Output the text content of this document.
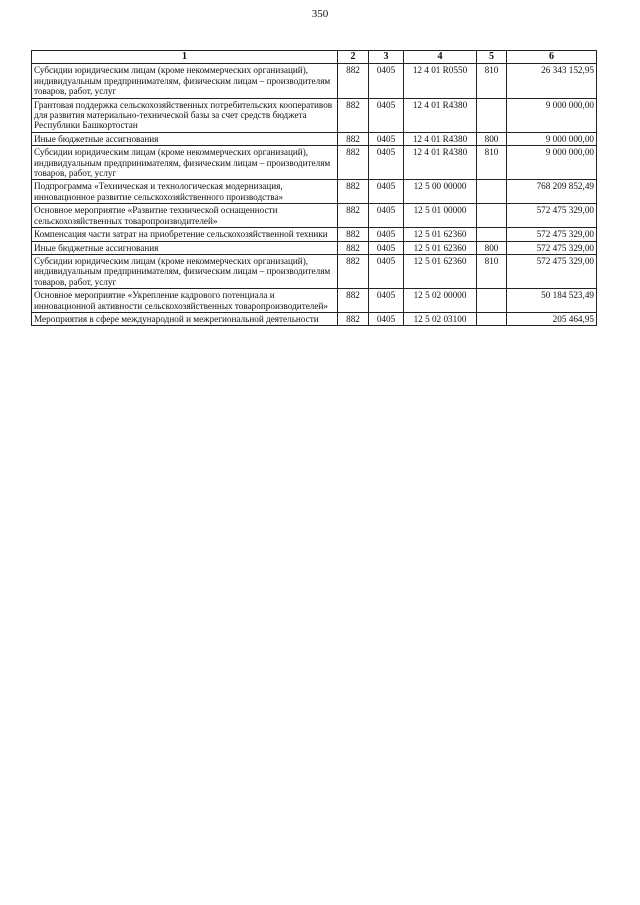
350
1	2	3	4	5	6
Субсидии юридическим лицам (кроме некоммерческих организаций), индивидуальным предпринимателям, физическим лицам – производителям товаров, работ, услуг	882	0405	12 4 01 R0550	810	26 343 152,95
Грантовая поддержка сельскохозяйственных потребительских кооперативов для развития материально-технической базы за счет средств бюджета Республики Башкортостан	882	0405	12 4 01 R4380		9 000 000,00
Иные бюджетные ассигнования	882	0405	12 4 01 R4380	800	9 000 000,00
Субсидии юридическим лицам (кроме некоммерческих организаций), индивидуальным предпринимателям, физическим лицам – производителям товаров, работ, услуг	882	0405	12 4 01 R4380	810	9 000 000,00
Подпрограмма «Техническая и технологическая модернизация, инновационное развитие сельскохозяйственного производства»	882	0405	12 5 00 00000		768 209 852,49
Основное мероприятие «Развитие технической оснащенности сельскохозяйственных товаропроизводителей»	882	0405	12 5 01 00000		572 475 329,00
Компенсация части затрат на приобретение сельскохозяйственной техники	882	0405	12 5 01 62360		572 475 329,00
Иные бюджетные ассигнования	882	0405	12 5 01 62360	800	572 475 329,00
Субсидии юридическим лицам (кроме некоммерческих организаций), индивидуальным предпринимателям, физическим лицам – производителям товаров, работ, услуг	882	0405	12 5 01 62360	810	572 475 329,00
Основное мероприятие «Укрепление кадрового потенциала и инновационной активности сельскохозяйственных товаропроизводителей»	882	0405	12 5 02 00000		50 184 523,49
Мероприятия в сфере международной и межрегиональной деятельности	882	0405	12 5 02 03100		205 464,95
